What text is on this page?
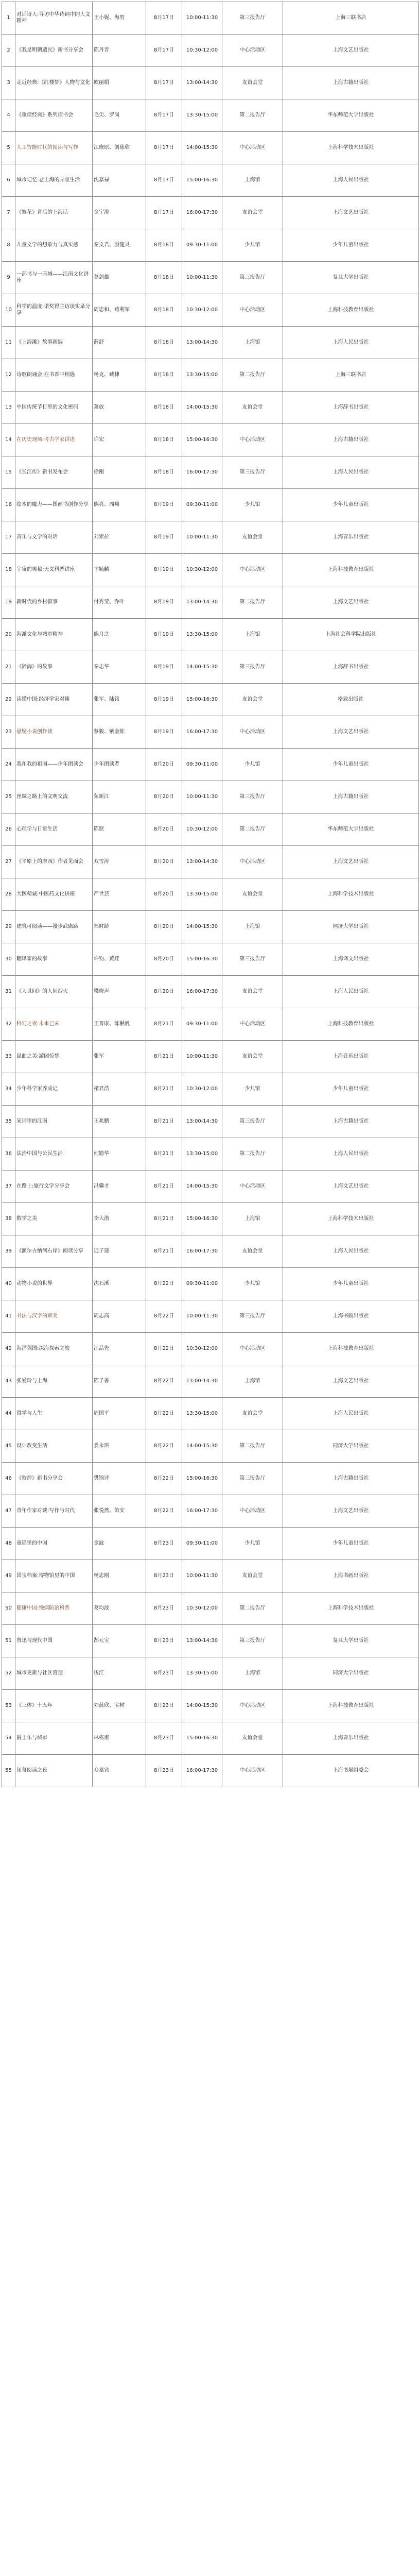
1	对话诗人:寻访中华诗词中的人文精神	王小妮、海男	8月17日	10:00-11:30	第三报告厅	上海三联书店
2	《我是明朝遗民》新书分享会	陈丹青	8月17日	10:30-12:00	中心活动区	上海文艺出版社
3	走近经典:《红楼梦》人物与文化	欧丽娟	8月17日	13:00-14:30	友谊会堂	上海古籍出版社
4	《重读经典》系列读书会	毛尖、罗岗	8月17日	13:30-15:00	第二报告厅	华东师范大学出版社
5	人工智能时代的阅读与写作	江晓原、刘慈欣	8月17日	14:00-15:30	中心活动区	上海科学技术出版社
6	城市记忆:老上海的弄堂生活	沈嘉禄	8月17日	15:00-16:30	上海馆	上海人民出版社
7	《繁花》背后的上海话	金宇澄	8月17日	16:00-17:30	友谊会堂	上海文艺出版社
8	儿童文学的想象力与真实感	秦文君、殷健灵	8月18日	09:30-11:00	少儿馆	少年儿童出版社
9	一部书与一座城——江南文化讲座	葛剑雄	8月18日	10:00-11:30	第三报告厅	复旦大学出版社
10	科学的温度:诺奖得主访谈实录分享	周忠和、苟利军	8月18日	10:30-12:00	中心活动区	上海科技教育出版社
11	《上海滩》故事新编	薛舒	8月18日	13:00-14:30	上海馆	上海人民出版社
12	诗歌朗诵会:在书香中相遇	杨克、臧棣	8月18日	13:30-15:00	第二报告厅	上海三联书店
13	中国传统节日里的文化密码	萧放	8月18日	14:00-15:30	友谊会堂	上海辞书出版社
14	在历史现场:考古学家讲述	许宏	8月18日	15:00-16:30	中心活动区	上海古籍出版社
15	《长江传》新书发布会	徐刚	8月18日	16:00-17:30	第三报告厅	上海人民出版社
16	绘本的魔力——图画书创作分享	熊亮、周翔	8月19日	09:30-11:00	少儿馆	少年儿童出版社
17	音乐与文学的对话	刘索拉	8月19日	10:00-11:30	友谊会堂	上海音乐出版社
18	宇宙的奥秘:天文科普讲座	卞毓麟	8月19日	10:30-12:00	中心活动区	上海科技教育出版社
19	新时代的乡村叙事	付秀莹、乔叶	8月19日	13:00-14:30	第二报告厅	上海文艺出版社
20	海派文化与城市精神	熊月之	8月19日	13:30-15:00	上海馆	上海社会科学院出版社
21	《辞海》的故事	秦志华	8月19日	14:00-15:30	第三报告厅	上海辞书出版社
22	读懂中国:经济学家对谈	张军、陆铭	8月19日	15:00-16:30	友谊会堂	格致出版社
23	悬疑小说创作谈	蔡骏、紫金陈	8月19日	16:00-17:30	中心活动区	上海文艺出版社
24	我和我的祖国——少年朗读会	少年朗读者	8月20日	09:30-11:00	少儿馆	少年儿童出版社
25	丝绸之路上的文明交流	荣新江	8月20日	10:00-11:30	第三报告厅	上海古籍出版社
26	心理学与日常生活	陈默	8月20日	10:30-12:00	第二报告厅	华东师范大学出版社
27	《平原上的摩西》作者见面会	双雪涛	8月20日	13:00-14:30	中心活动区	上海文艺出版社
28	大医精诚:中医药文化讲座	严世芸	8月20日	13:30-15:00	友谊会堂	上海科学技术出版社
29	建筑可阅读——漫步武康路	郑时龄	8月20日	14:00-15:30	上海馆	同济大学出版社
30	翻译家的故事	许钧、黄荭	8月20日	15:00-16:30	第三报告厅	上海译文出版社
31	《人世间》的人间烟火	梁晓声	8月20日	16:00-17:30	友谊会堂	上海人民出版社
32	科幻之夜:未来已来	王晋康、陈楸帆	8月21日	09:30-11:00	中心活动区	上海科技教育出版社
33	昆曲之美:游园惊梦	张军	8月21日	10:00-11:30	友谊会堂	上海音乐出版社
34	少年科学家养成记	褚君浩	8月21日	10:30-12:00	少儿馆	少年儿童出版社
35	宋词里的江南	王兆鹏	8月21日	13:00-14:30	第三报告厅	上海古籍出版社
36	法治中国与公民生活	何勤华	8月21日	13:30-15:00	第二报告厅	上海人民出版社
37	在路上:旅行文学分享会	冯骥才	8月21日	14:00-15:30	中心活动区	上海文艺出版社
38	数学之美	李大潜	8月21日	15:00-16:30	上海馆	上海科学技术出版社
39	《额尔古纳河右岸》阅读分享	迟子建	8月21日	16:00-17:30	友谊会堂	上海人民出版社
40	动物小说的世界	沈石溪	8月22日	09:30-11:00	少儿馆	少年儿童出版社
41	书法与汉字的审美	周志高	8月22日	10:00-11:30	第三报告厅	上海书画出版社
42	海洋强国:深海探索之旅	汪品先	8月22日	10:30-12:00	中心活动区	上海科技教育出版社
43	张爱玲与上海	陈子善	8月22日	13:00-14:30	上海馆	上海文艺出版社
44	哲学与人生	周国平	8月22日	13:30-15:00	友谊会堂	上海人民出版社
45	设计改变生活	娄永琪	8月22日	14:00-15:30	第二报告厅	同济大学出版社
46	《敦煌》新书分享会	樊锦诗	8月22日	15:00-16:30	第三报告厅	上海古籍出版社
47	青年作家对谈:写作与时代	张悦然、笛安	8月22日	16:00-17:30	中心活动区	上海文艺出版社
48	童谣里的中国	金波	8月23日	09:30-11:00	少儿馆	少年儿童出版社
49	国宝档案:博物馆里的中国	杨志刚	8月23日	10:00-11:30	友谊会堂	上海书画出版社
50	健康中国:慢病防治科普	葛均波	8月23日	10:30-12:00	第二报告厅	上海科学技术出版社
51	鲁迅与现代中国	郜元宝	8月23日	13:00-14:30	第三报告厅	复旦大学出版社
52	城市更新与社区营造	伍江	8月23日	13:30-15:00	上海馆	同济大学出版社
53	《三体》十五年	刘慈欣、宝树	8月23日	14:00-15:30	中心活动区	上海科技教育出版社
54	爵士乐与城市	林栋甫	8月23日	15:00-16:30	友谊会堂	上海音乐出版社
55	闭幕阅读之夜	众嘉宾	8月23日	16:00-17:30	中心活动区	上海书展组委会
